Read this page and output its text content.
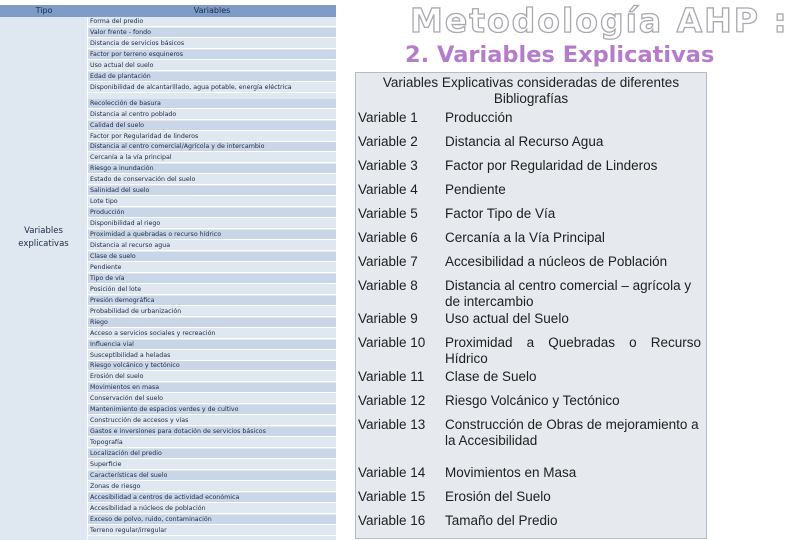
Tipo	Variables
Variables
explicativas
Forma del predio
Valor frente - fondo
Distancia de servicios básicos
Factor por terreno esquineros
Uso actual del suelo
Edad de plantación
Disponibilidad de alcantarillado, agua potable, energía eléctrica
Recolección de basura
Distancia al centro poblado
Calidad del suelo
Factor por Regularidad de linderos
Distancia al centro comercial/Agrícola y de intercambio
Cercanía a la vía principal
Riesgo a inundación
Estado de conservación del suelo
Salinidad del suelo
Lote tipo
Producción
Disponibilidad al riego
Proximidad a quebradas o recurso hídrico
Distancia al recurso agua
Clase de suelo
Pendiente
Tipo de vía
Posición del lote
Presión demográfica
Probabilidad de urbanización
Riego
Acceso a servicios sociales y recreación
Influencia vial
Susceptibilidad a heladas
Riesgo volcánico y tectónico
Erosión del suelo
Movimientos en masa
Conservación del suelo
Mantenimiento de espacios verdes y de cultivo
Construcción de accesos y vías
Gastos e inversiones para dotación de servicios básicos
Topografía
Localización del predio
Superficie
Características del suelo
Zonas de riesgo
Accesibilidad a centros de actividad económica
Accesibilidad a núcleos de población
Exceso de polvo, ruido, contaminación
Terreno regular/irregular
Metodología AHP :
2. Variables Explicativas
Variables Explicativas consideradas de diferentes Bibliografías
Variable 1 Producción
Variable 2 Distancia al Recurso Agua
Variable 3 Factor por Regularidad de Linderos
Variable 4 Pendiente
Variable 5 Factor Tipo de Vía
Variable 6 Cercanía a la Vía Principal
Variable 7 Accesibilidad a núcleos de Población
Variable 8 Distancia al centro comercial – agrícola y de intercambio
Variable 9 Uso actual del Suelo
Variable 10 Proximidad a Quebradas o Recurso Hídrico
Variable 11 Clase de Suelo
Variable 12 Riesgo Volcánico y Tectónico
Variable 13 Construcción de Obras de mejoramiento a la Accesibilidad
Variable 14 Movimientos en Masa
Variable 15 Erosión del Suelo
Variable 16 Tamaño del Predio
